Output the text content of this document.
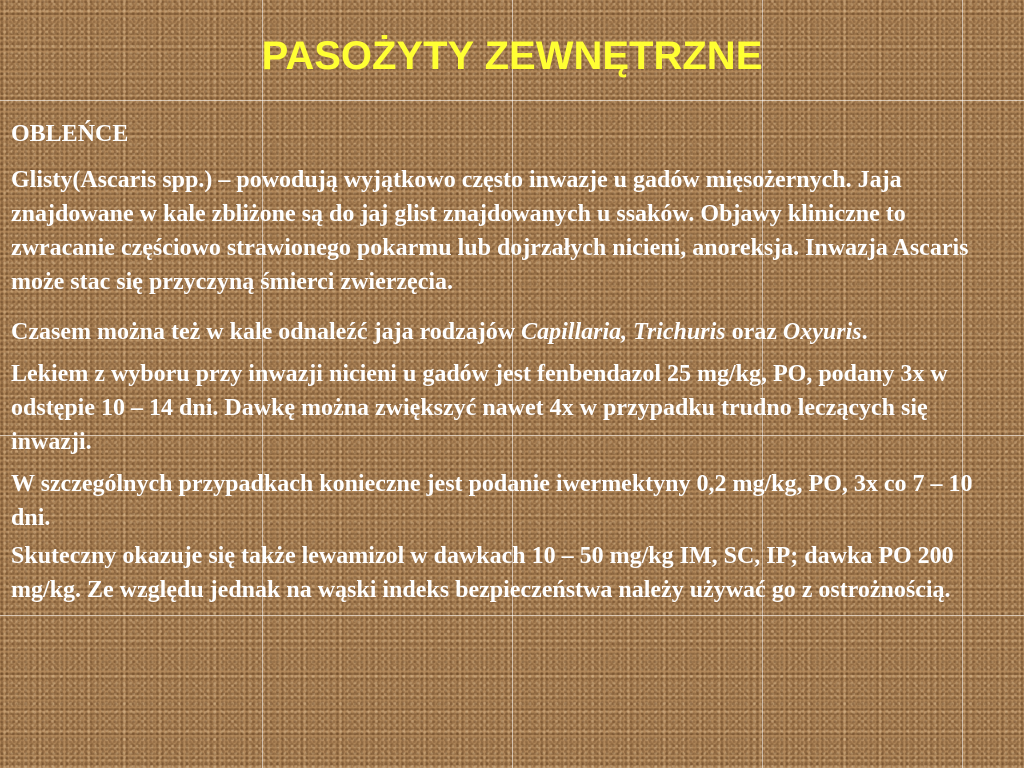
PASOŻYTY ZEWNĘTRZNE

OBLEŃCE

Glisty(Ascaris spp.) – powodują wyjątkowo często inwazje u gadów mięsożernych. Jaja znajdowane w kale zbliżone są do jaj glist znajdowanych u ssaków. Objawy kliniczne to zwracanie częściowo strawionego pokarmu lub dojrzałych nicieni, anoreksja. Inwazja Ascaris może stac się przyczyną śmierci zwierzęcia.

Czasem można też w kale odnaleźć jaja rodzajów Capillaria, Trichuris oraz Oxyuris.

Lekiem z wyboru przy inwazji nicieni u gadów jest fenbendazol 25 mg/kg, PO, podany 3x w odstępie 10 – 14 dni. Dawkę można zwiększyć nawet 4x w przypadku trudno leczących się inwazji.

W szczególnych przypadkach konieczne jest podanie iwermektyny 0,2 mg/kg, PO, 3x co 7 – 10 dni.

Skuteczny okazuje się także lewamizol w dawkach 10 – 50 mg/kg IM, SC, IP; dawka PO 200 mg/kg. Ze względu jednak na wąski indeks bezpieczeństwa należy używać go z ostrożnością.
